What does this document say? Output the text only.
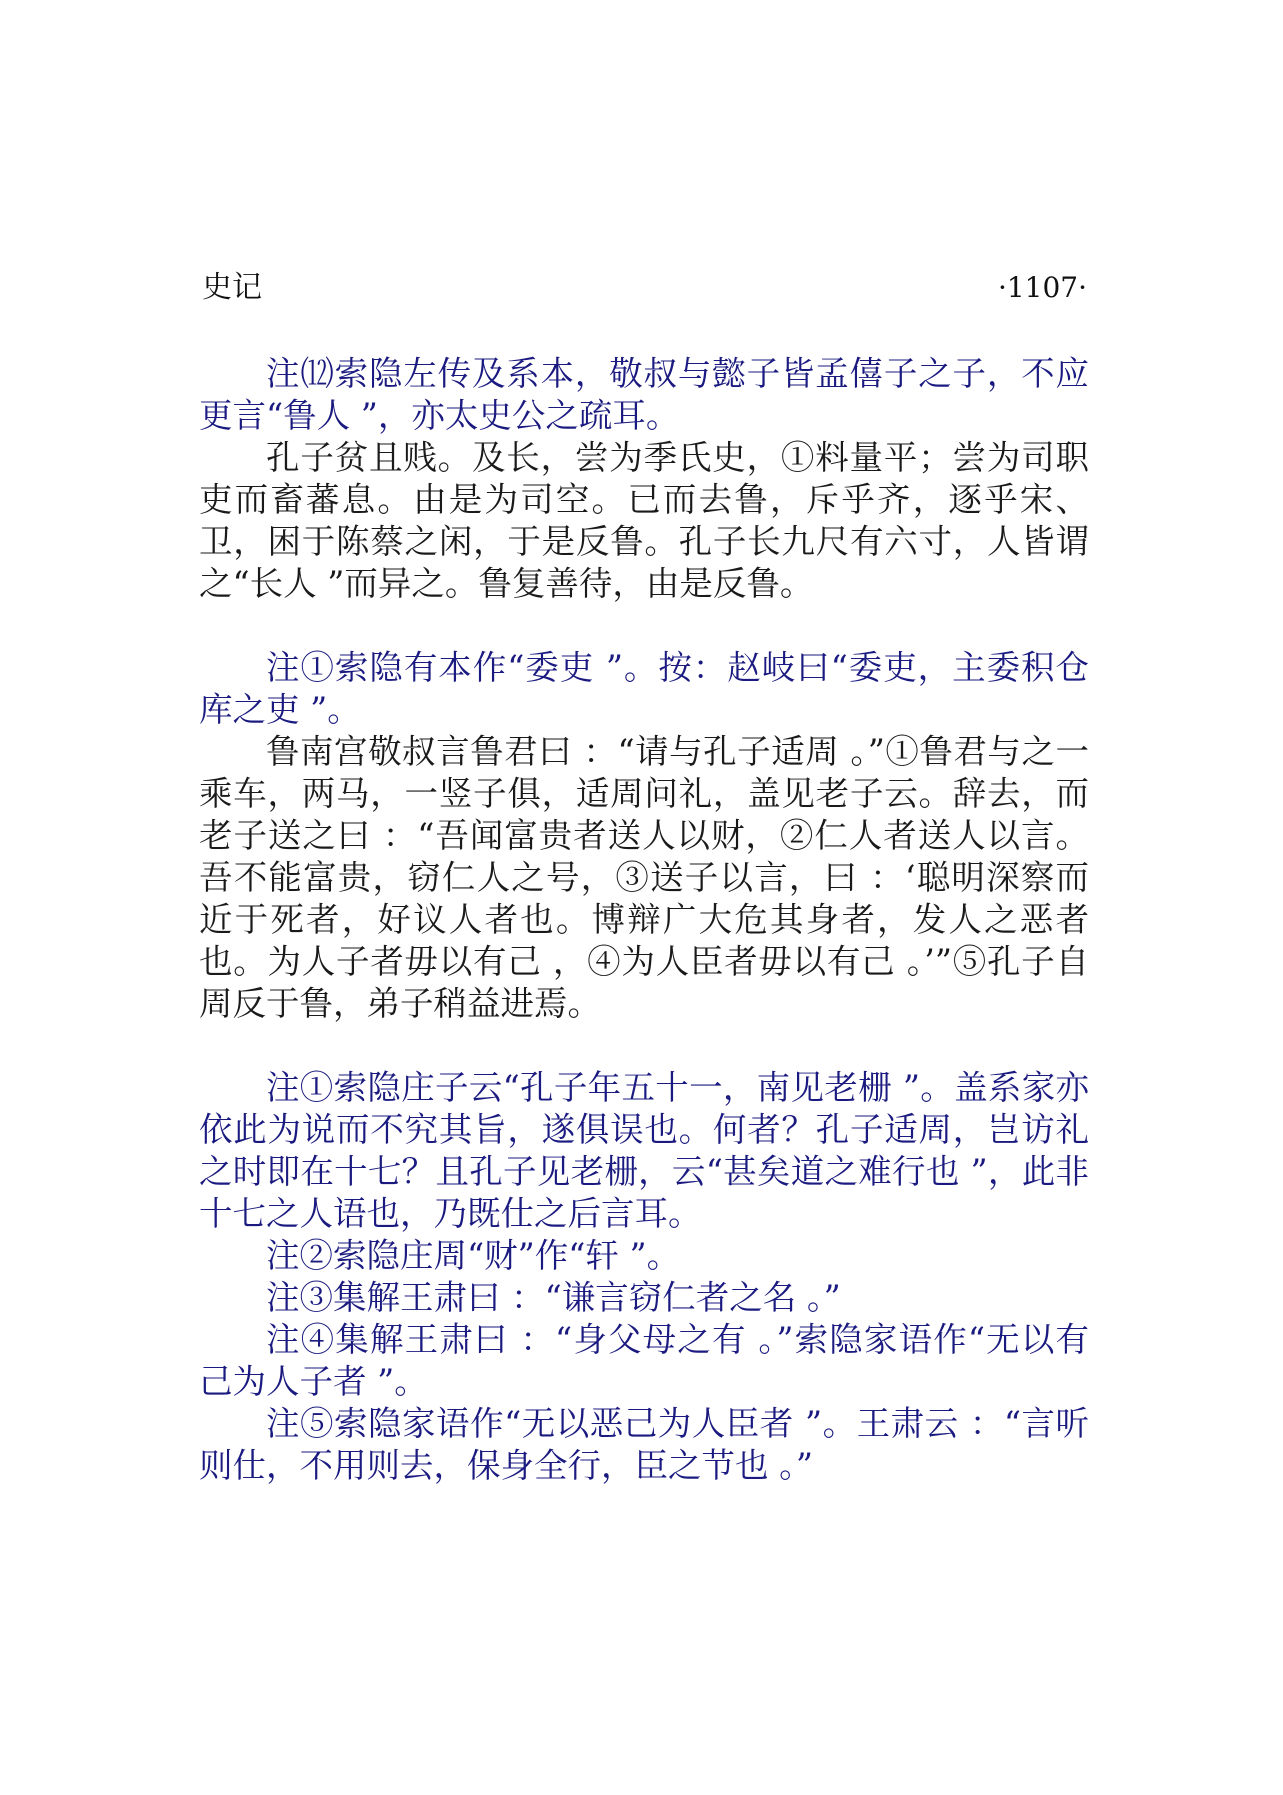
史记	·1107·

注⑿索隐左传及系本，敬叔与懿子皆孟僖子之子，不应更言“鲁人 ”，亦太史公之疏耳。

孔子贫且贱。及长，尝为季氏史，①料量平；尝为司职吏而畜蕃息。由是为司空。已而去鲁，斥乎齐，逐乎宋、卫，困于陈蔡之闲，于是反鲁。孔子长九尺有六寸，人皆谓之“长人 ”而异之。鲁复善待，由是反鲁。

注①索隐有本作“委吏 ”。按：赵岐曰“委吏，主委积仓库之吏 ”。

鲁南宫敬叔言鲁君曰 ：“请与孔子适周 。”①鲁君与之一乘车，两马，一竖子俱，适周问礼，盖见老子云。辞去，而老子送之曰 ：“吾闻富贵者送人以财，②仁人者送人以言。吾不能富贵，窃仁人之号，③送子以言，曰 ：‘聪明深察而近于死者，好议人者也。博辩广大危其身者，发人之恶者也。为人子者毋以有己 ，④为人臣者毋以有己 。’”⑤孔子自周反于鲁，弟子稍益进焉。

注①索隐庄子云“孔子年五十一，南见老栅 ”。盖系家亦依此为说而不究其旨，遂俱误也。何者？孔子适周，岂访礼之时即在十七？且孔子见老栅，云“甚矣道之难行也 ”，此非十七之人语也，乃既仕之后言耳。

注②索隐庄周“财”作“轩 ”。

注③集解王肃曰 ：“谦言窃仁者之名 。”

注④集解王肃曰 ：“身父母之有 。”索隐家语作“无以有己为人子者 ”。

注⑤索隐家语作“无以恶己为人臣者 ”。王肃云 ：“言听则仕，不用则去，保身全行，臣之节也 。”
